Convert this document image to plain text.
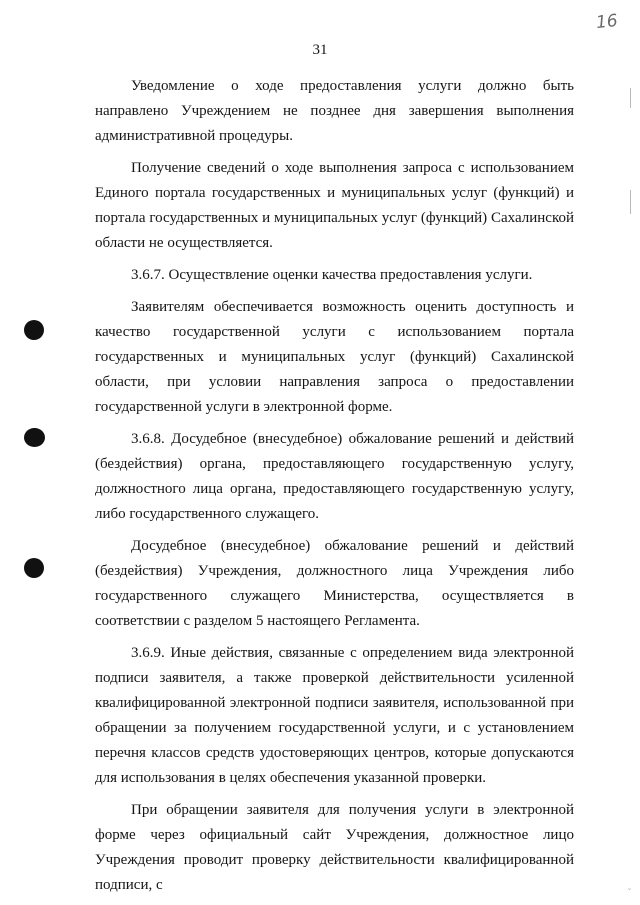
16
31

Уведомление о ходе предоставления услуги должно быть направлено Учреждением не позднее дня завершения выполнения административной процедуры.

Получение сведений о ходе выполнения запроса с использованием Единого портала государственных и муниципальных услуг (функций) и портала государственных и муниципальных услуг (функций) Сахалинской области не осуществляется.

3.6.7. Осуществление оценки качества предоставления услуги.

Заявителям обеспечивается возможность оценить доступность и качество государственной услуги с использованием портала государственных и муниципальных услуг (функций) Сахалинской области, при условии направления запроса о предоставлении государственной услуги в электронной форме.

3.6.8. Досудебное (внесудебное) обжалование решений и действий (бездействия) органа, предоставляющего государственную услугу, должностного лица органа, предоставляющего государственную услугу, либо государственного служащего.

Досудебное (внесудебное) обжалование решений и действий (бездействия) Учреждения, должностного лица Учреждения либо государственного служащего Министерства, осуществляется в соответствии с разделом 5 настоящего Регламента.

3.6.9. Иные действия, связанные с определением вида электронной подписи заявителя, а также проверкой действительности усиленной квалифицированной электронной подписи заявителя, использованной при обращении за получением государственной услуги, и с установлением перечня классов средств удостоверяющих центров, которые допускаются для использования в целях обеспечения указанной проверки.

При обращении заявителя для получения услуги в электронной форме через официальный сайт Учреждения, должностное лицо Учреждения проводит проверку действительности квалифицированной подписи, с

ˇ
